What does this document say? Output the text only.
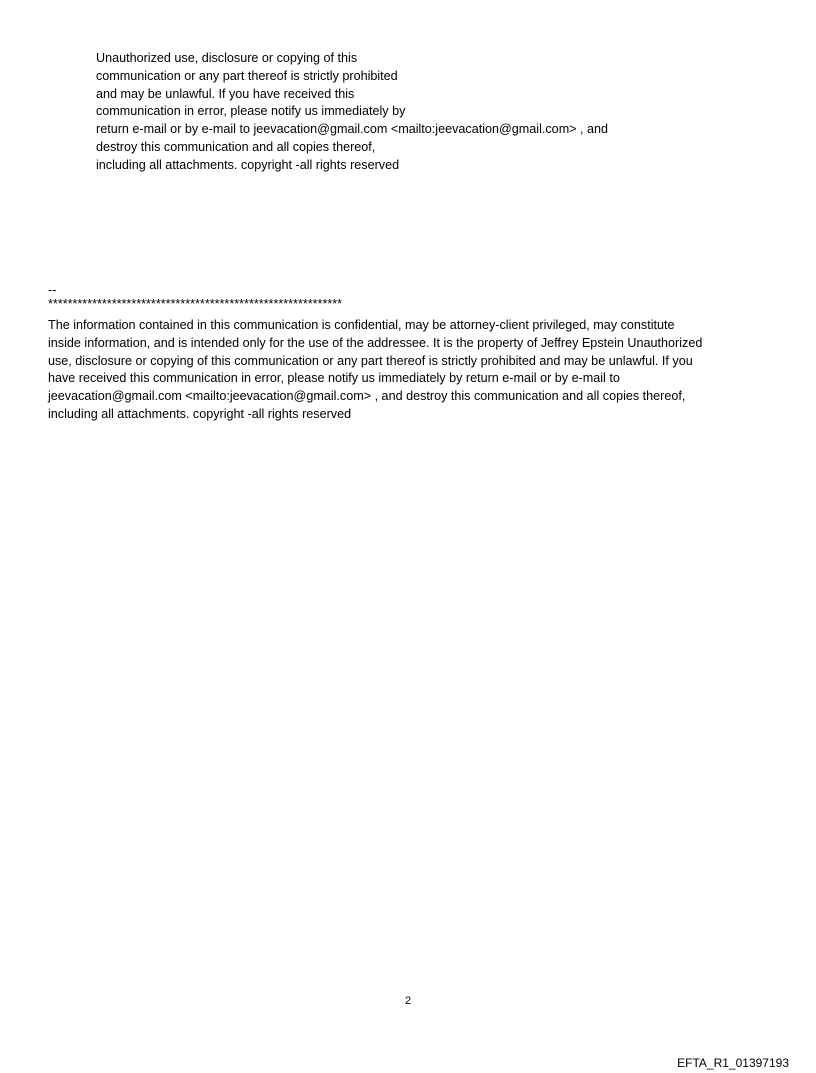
Unauthorized use, disclosure or copying of this
communication or any part thereof is strictly prohibited
and may be unlawful. If you have received this
communication in error, please notify us immediately by
return e-mail or by e-mail to jeevacation@gmail.com <mailto:jeevacation@gmail.com> , and
destroy this communication and all copies thereof,
including all attachments. copyright -all rights reserved
--
************************************************************
The information contained in this communication is confidential, may be attorney-client privileged, may constitute
inside information, and is intended only for the use of the addressee. It is the property of Jeffrey Epstein Unauthorized
use, disclosure or copying of this communication or any part thereof is strictly prohibited and may be unlawful. If you
have received this communication in error, please notify us immediately by return e-mail or by e-mail to
jeevacation@gmail.com <mailto:jeevacation@gmail.com> , and destroy this communication and all copies thereof,
including all attachments. copyright -all rights reserved
2
EFTA_R1_01397193
